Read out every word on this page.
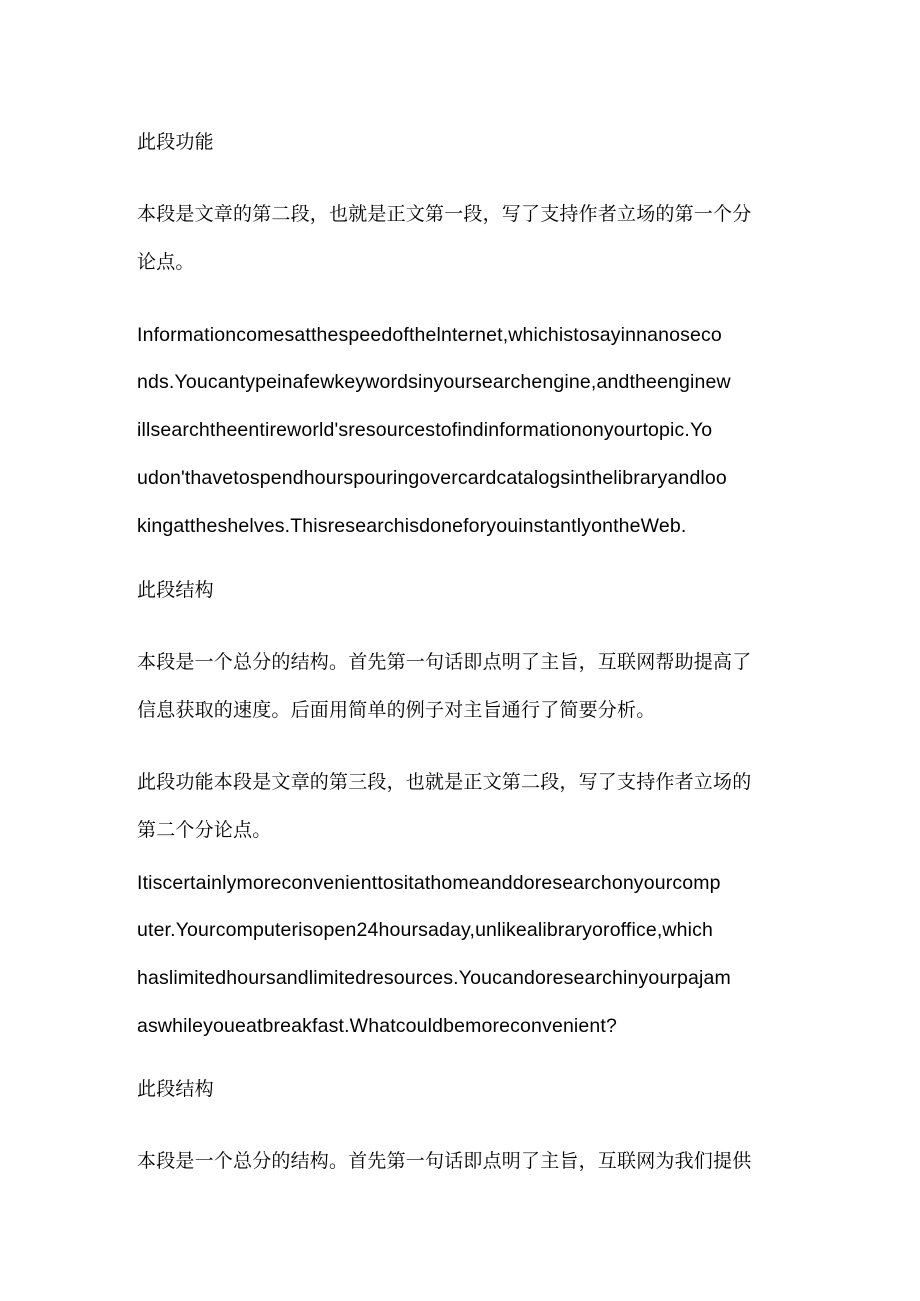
此段功能
本段是文章的第二段，也就是正文第一段，写了支持作者立场的第一个分
论点。
Informationcomesatthespeedofthelnternet,whichistosayinnanoseco
nds.Youcantypeinafewkeywordsinyoursearchengine,andtheenginew
illsearchtheentireworld'sresourcestofindinformationonyourtopic.Yo
udon'thavetospendhourspouringovercardcatalogsinthelibraryandloo
kingattheshelves.ThisresearchisdoneforyouinstantlyontheWeb.
此段结构
本段是一个总分的结构。首先第一句话即点明了主旨，互联网帮助提高了
信息获取的速度。后面用简单的例子对主旨通行了简要分析。
此段功能本段是文章的第三段，也就是正文第二段，写了支持作者立场的
第二个分论点。
Itiscertainlymoreconvenienttositathomeanddoresearchonyourcomp
uter.Yourcomputerisopen24hoursaday,unlikealibraryoroffice,which
haslimitedhoursandlimitedresources.Youcandoresearchinyourpajam
aswhileyoueatbreakfast.Whatcouldbemoreconvenient?
此段结构
本段是一个总分的结构。首先第一句话即点明了主旨，互联网为我们提供
